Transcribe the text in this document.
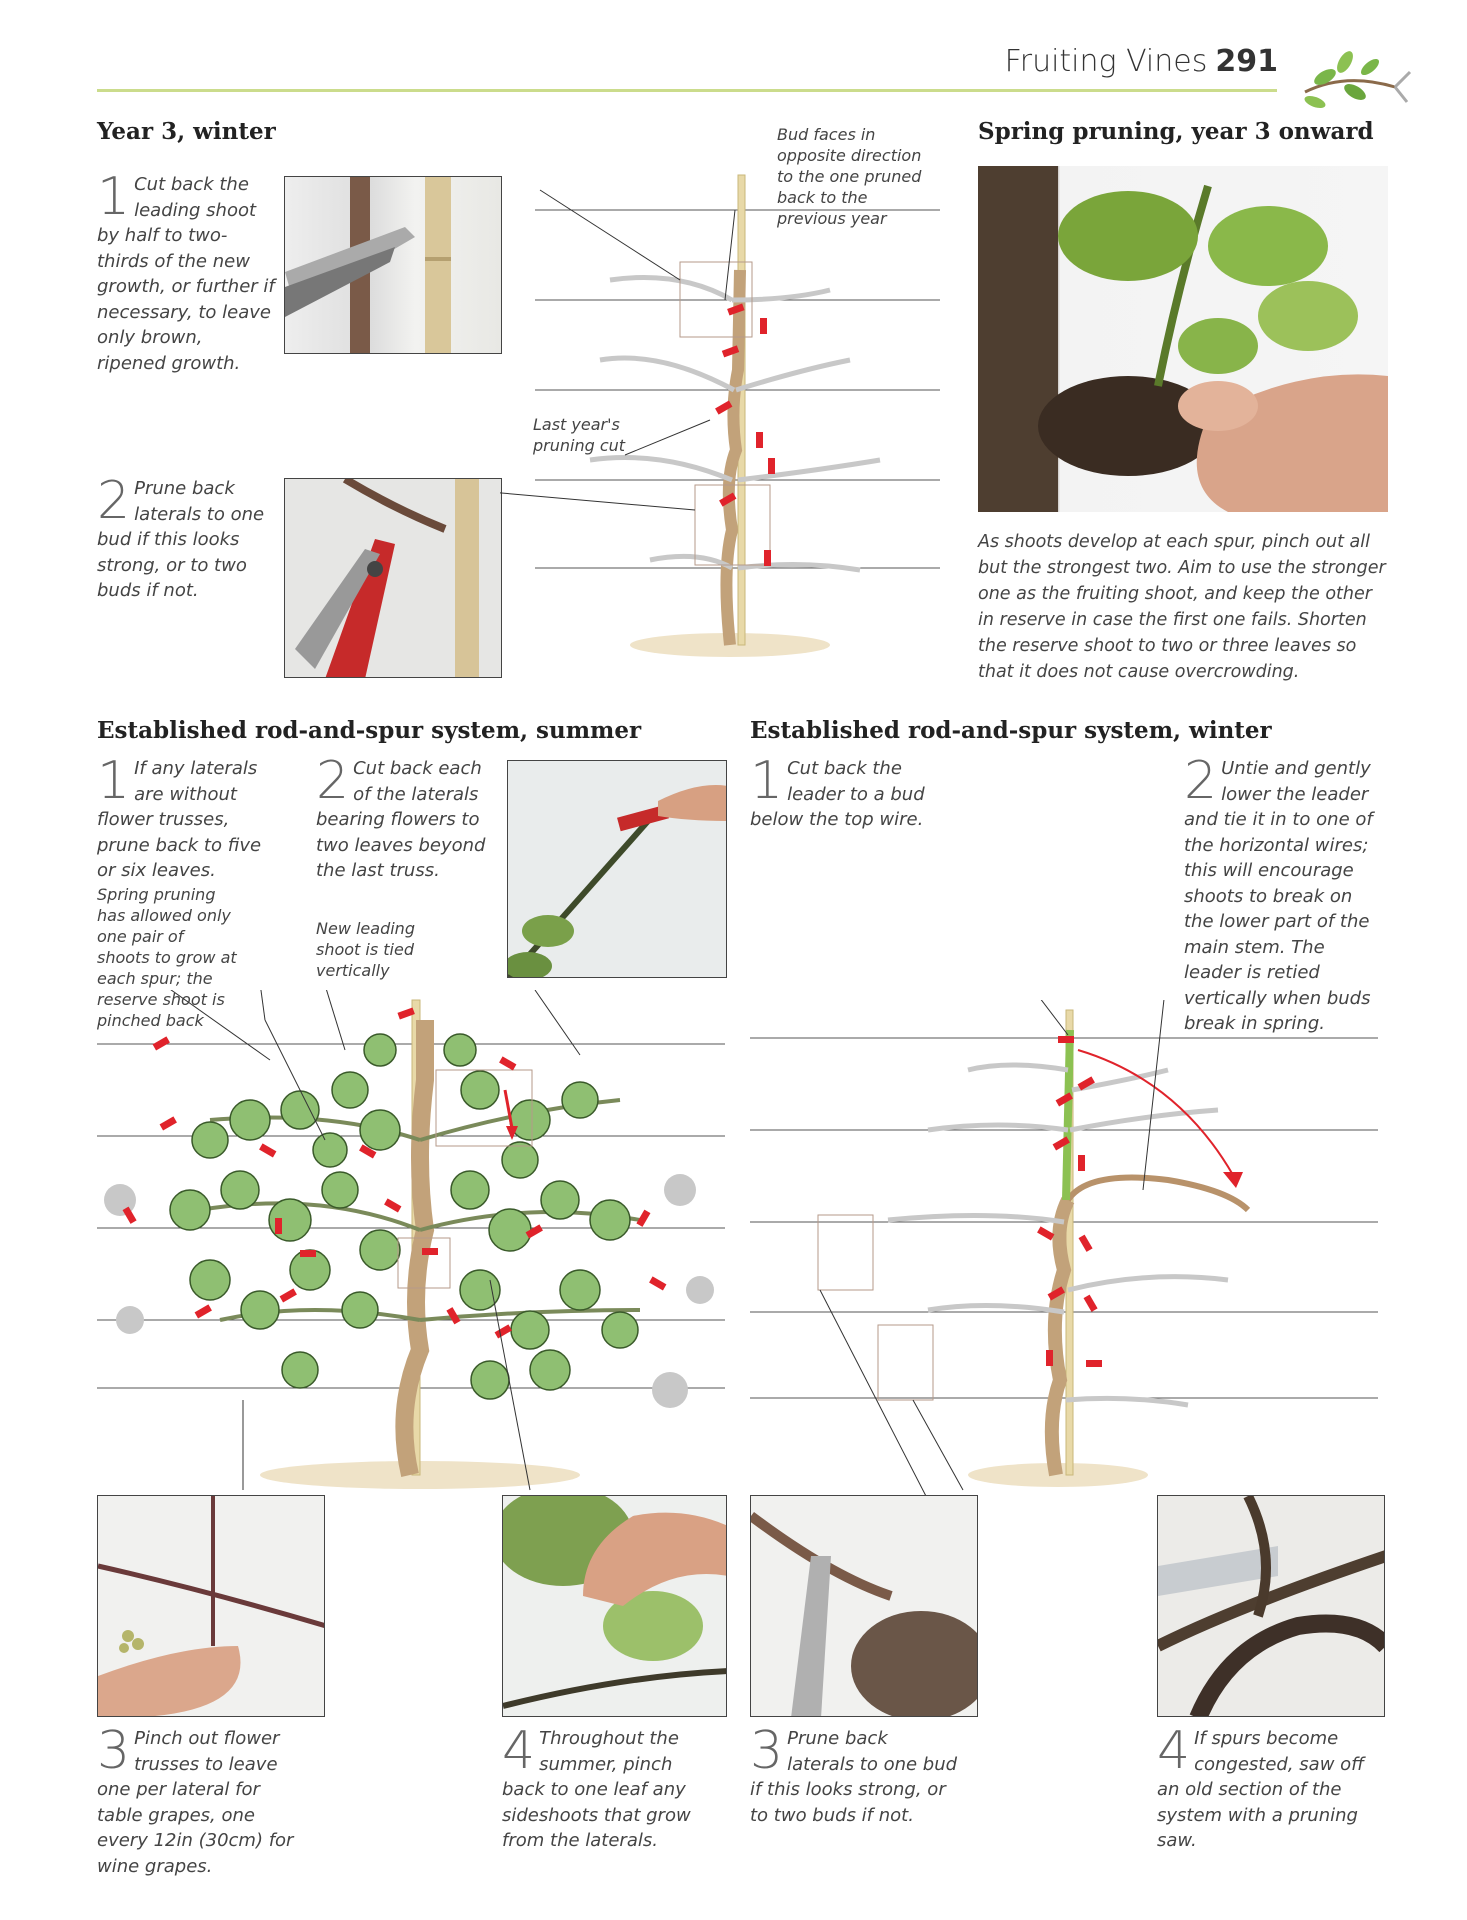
Fruiting Vines 291
Year 3, winter
1 Cut back the leading shoot by half to two-thirds of the new growth, or further if necessary, to leave only brown, ripened growth.
2 Prune back laterals to one bud if this looks strong, or to two buds if not.
Bud faces in opposite direction to the one pruned back to the previous year
Last year's pruning cut
Spring pruning, year 3 onward
As shoots develop at each spur, pinch out all but the strongest two. Aim to use the stronger one as the fruiting shoot, and keep the other in reserve in case the first one fails. Shorten the reserve shoot to two or three leaves so that it does not cause overcrowding.
Established rod-and-spur system, summer
1 If any laterals are without flower trusses, prune back to five or six leaves.
2 Cut back each of the laterals bearing flowers to two leaves beyond the last truss.
Spring pruning has allowed only one pair of shoots to grow at each spur; the reserve shoot is pinched back
New leading shoot is tied vertically
3 Pinch out flower trusses to leave one per lateral for table grapes, one every 12in (30cm) for wine grapes.
4 Throughout the summer, pinch back to one leaf any sideshoots that grow from the laterals.
Established rod-and-spur system, winter
1 Cut back the leader to a bud below the top wire.
2 Untie and gently lower the leader and tie it in to one of the horizontal wires; this will encourage shoots to break on the lower part of the main stem. The leader is retied vertically when buds break in spring.
3 Prune back laterals to one bud if this looks strong, or to two buds if not.
4 If spurs become congested, saw off an old section of the system with a pruning saw.
